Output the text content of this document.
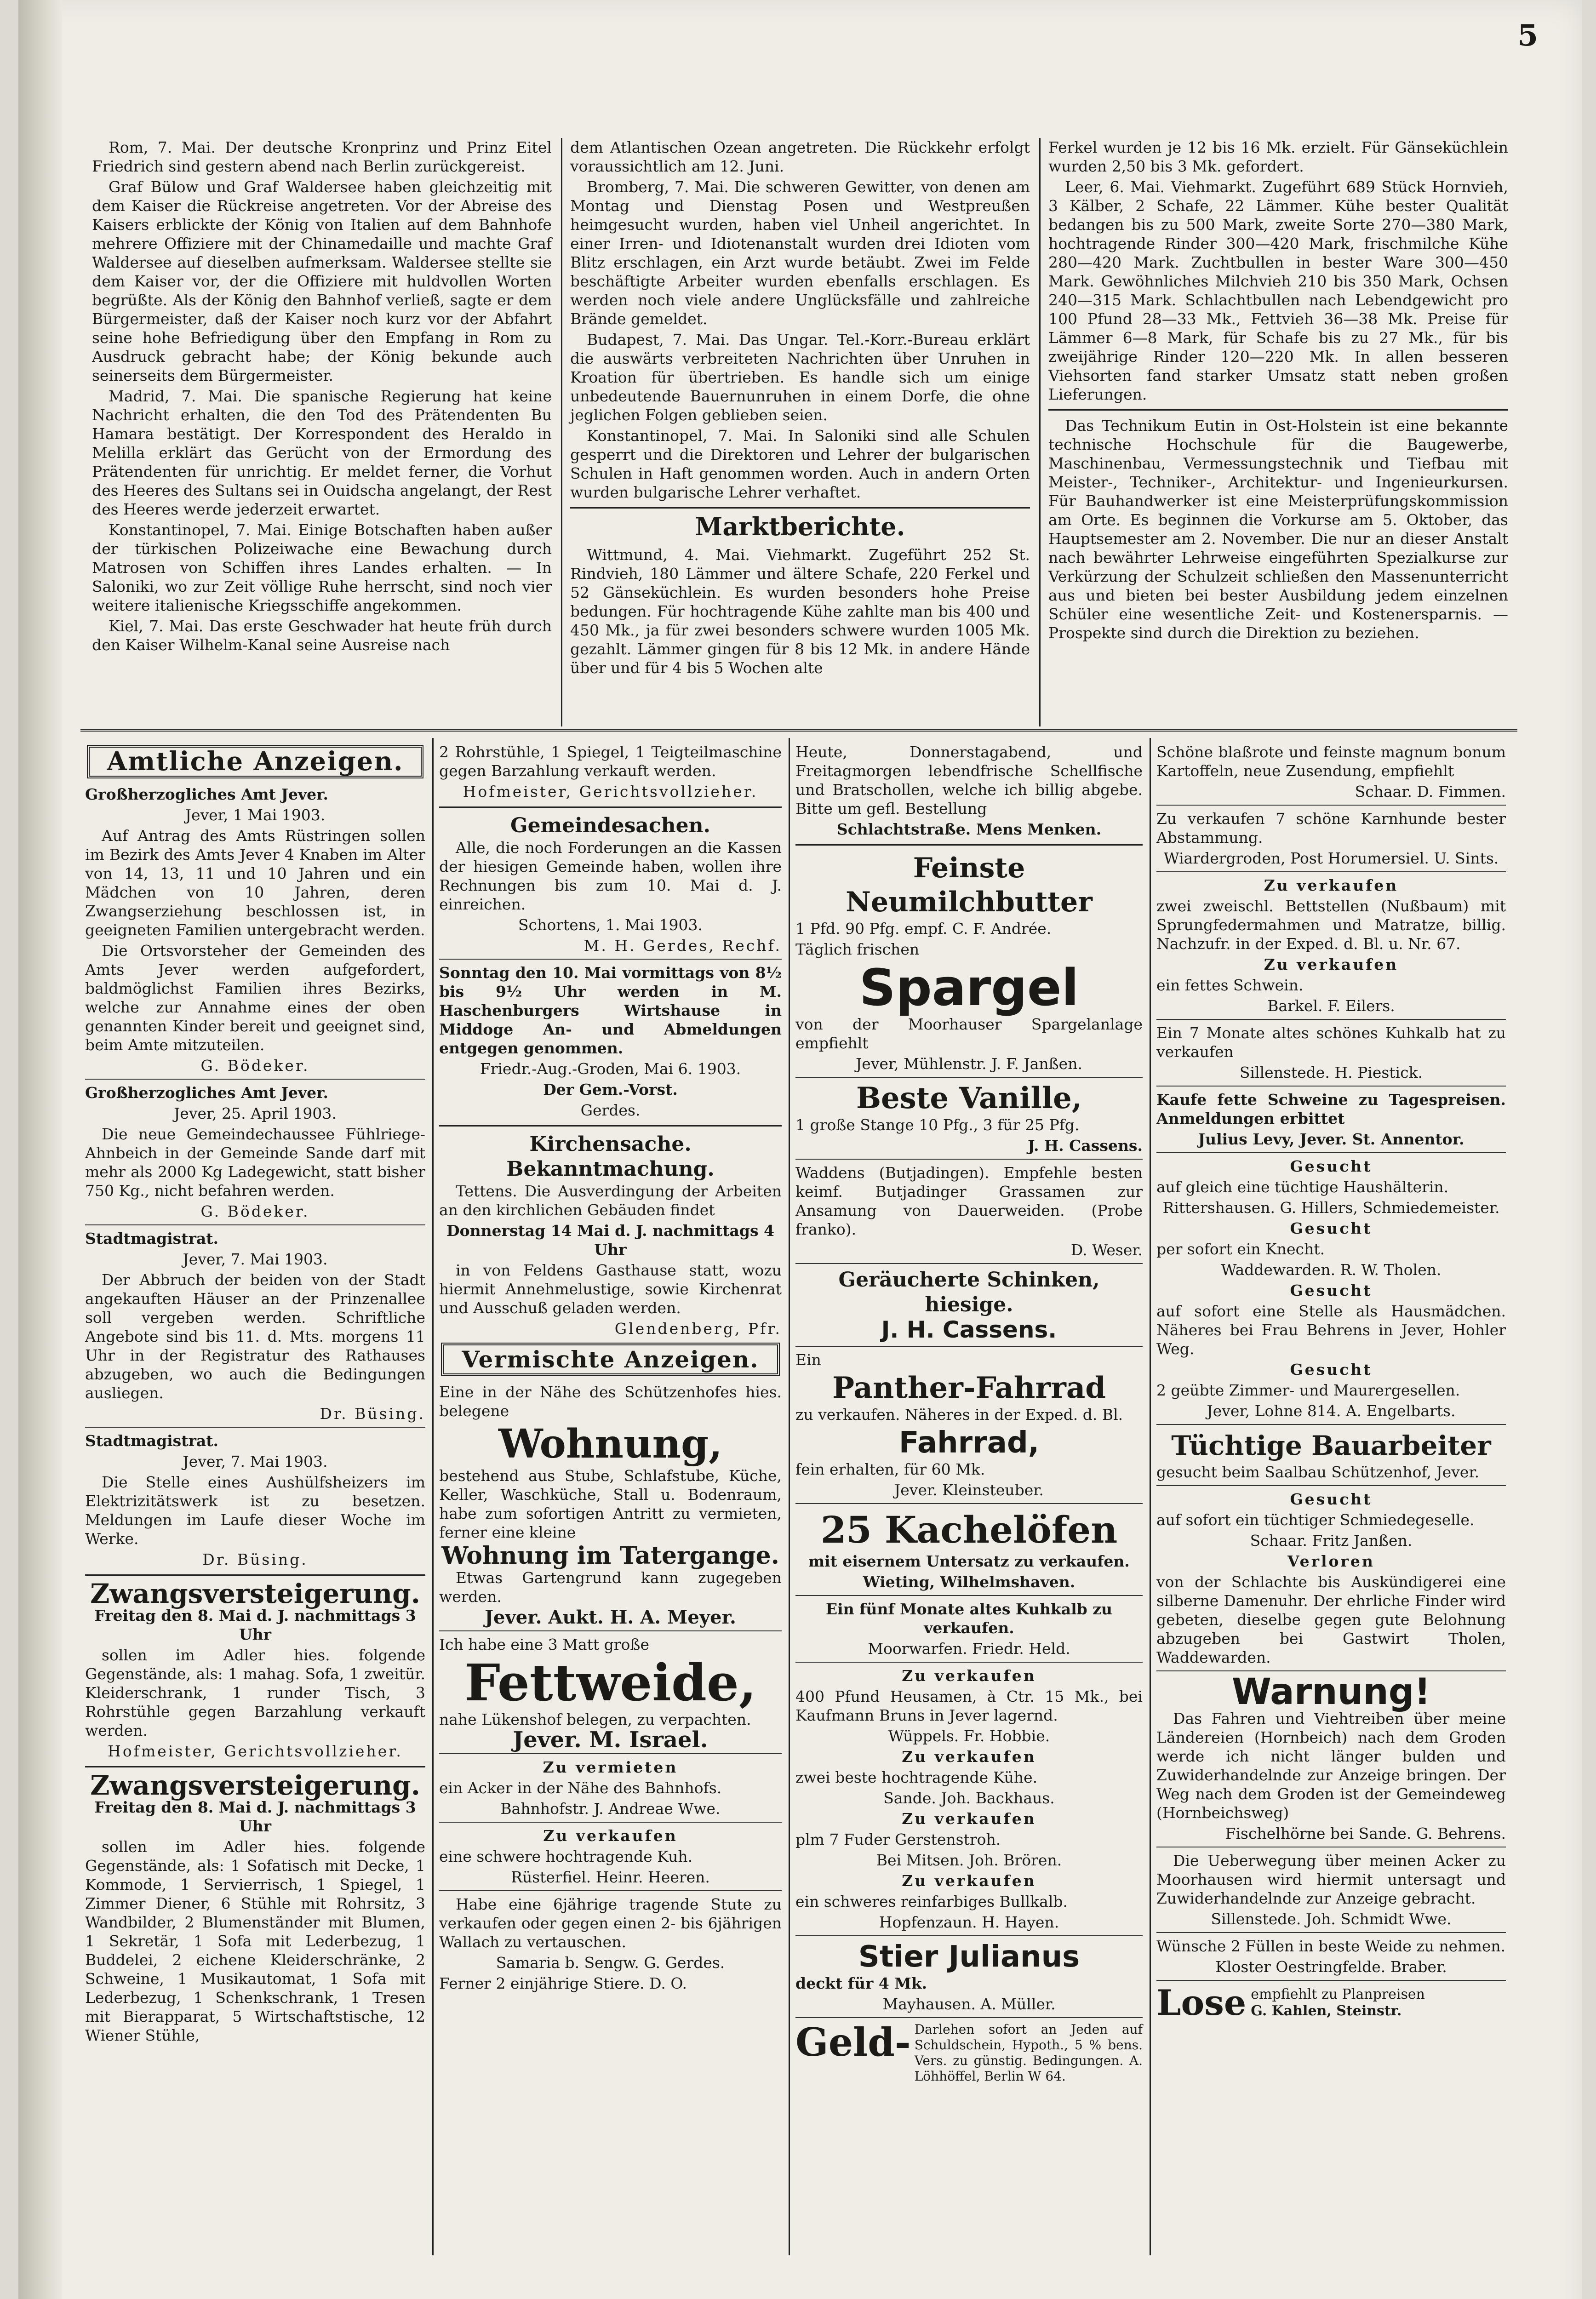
5

Rom, 7. Mai. Der deutsche Kronprinz und Prinz Eitel Friedrich sind gestern abend nach Berlin zurückgereist.

Graf Bülow und Graf Waldersee haben gleichzeitig mit dem Kaiser die Rückreise angetreten. Vor der Abreise des Kaisers erblickte der König von Italien auf dem Bahnhofe mehrere Offiziere mit der Chinamedaille und machte Graf Waldersee auf dieselben aufmerksam. Waldersee stellte sie dem Kaiser vor, der die Offiziere mit huldvollen Worten begrüßte. Als der König den Bahnhof verließ, sagte er dem Bürgermeister, daß der Kaiser noch kurz vor der Abfahrt seine hohe Befriedigung über den Empfang in Rom zu Ausdruck gebracht habe; der König bekunde auch seinerseits dem Bürgermeister.

Madrid, 7. Mai. Die spanische Regierung hat keine Nachricht erhalten, die den Tod des Prätendenten Bu Hamara bestätigt. Der Korrespondent des Heraldo in Melilla erklärt das Gerücht von der Ermordung des Prätendenten für unrichtig. Er meldet ferner, die Vorhut des Heeres des Sultans sei in Ouidscha angelangt, der Rest des Heeres werde jederzeit erwartet.

Konstantinopel, 7. Mai. Einige Botschaften haben außer der türkischen Polizeiwache eine Bewachung durch Matrosen von Schiffen ihres Landes erhalten. — In Saloniki, wo zur Zeit völlige Ruhe herrscht, sind noch vier weitere italienische Kriegsschiffe angekommen.

Kiel, 7. Mai. Das erste Geschwader hat heute früh durch den Kaiser Wilhelm-Kanal seine Ausreise nach

dem Atlantischen Ozean angetreten. Die Rückkehr erfolgt voraussichtlich am 12. Juni.

Bromberg, 7. Mai. Die schweren Gewitter, von denen am Montag und Dienstag Posen und Westpreußen heimgesucht wurden, haben viel Unheil angerichtet. In einer Irren- und Idiotenanstalt wurden drei Idioten vom Blitz erschlagen, ein Arzt wurde betäubt. Zwei im Felde beschäftigte Arbeiter wurden ebenfalls erschlagen. Es werden noch viele andere Unglücksfälle und zahlreiche Brände gemeldet.

Budapest, 7. Mai. Das Ungar. Tel.-Korr.-Bureau erklärt die auswärts verbreiteten Nachrichten über Unruhen in Kroation für übertrieben. Es handle sich um einige unbedeutende Bauernunruhen in einem Dorfe, die ohne jeglichen Folgen geblieben seien.

Konstantinopel, 7. Mai. In Saloniki sind alle Schulen gesperrt und die Direktoren und Lehrer der bulgarischen Schulen in Haft genommen worden. Auch in andern Orten wurden bulgarische Lehrer verhaftet.

Marktberichte.

Wittmund, 4. Mai. Viehmarkt. Zugeführt 252 St. Rindvieh, 180 Lämmer und ältere Schafe, 220 Ferkel und 52 Gänseküchlein. Es wurden besonders hohe Preise bedungen. Für hochtragende Kühe zahlte man bis 400 und 450 Mk., ja für zwei besonders schwere wurden 1005 Mk. gezahlt. Lämmer gingen für 8 bis 12 Mk. in andere Hände über und für 4 bis 5 Wochen alte

Ferkel wurden je 12 bis 16 Mk. erzielt. Für Gänseküchlein wurden 2,50 bis 3 Mk. gefordert.

Leer, 6. Mai. Viehmarkt. Zugeführt 689 Stück Hornvieh, 3 Kälber, 2 Schafe, 22 Lämmer. Kühe bester Qualität bedangen bis zu 500 Mark, zweite Sorte 270—380 Mark, hochtragende Rinder 300—420 Mark, frischmilche Kühe 280—420 Mark. Zuchtbullen in bester Ware 300—450 Mark. Gewöhnliches Milchvieh 210 bis 350 Mark, Ochsen 240—315 Mark. Schlachtbullen nach Lebendgewicht pro 100 Pfund 28—33 Mk., Fettvieh 36—38 Mk. Preise für Lämmer 6—8 Mark, für Schafe bis zu 27 Mk., für bis zweijährige Rinder 120—220 Mk. In allen besseren Viehsorten fand starker Umsatz statt neben großen Lieferungen.

Das Technikum Eutin in Ost-Holstein ist eine bekannte technische Hochschule für die Baugewerbe, Maschinenbau, Vermessungstechnik und Tiefbau mit Meister-, Techniker-, Architektur- und Ingenieurkursen. Für Bauhandwerker ist eine Meisterprüfungskommission am Orte. Es beginnen die Vorkurse am 5. Oktober, das Hauptsemester am 2. November. Die nur an dieser Anstalt nach bewährter Lehrweise eingeführten Spezialkurse zur Verkürzung der Schulzeit schließen den Massenunterricht aus und bieten bei bester Ausbildung jedem einzelnen Schüler eine wesentliche Zeit- und Kostenersparnis. — Prospekte sind durch die Direktion zu beziehen.

Amtliche Anzeigen.

Großherzogliches Amt Jever.

Jever, 1 Mai 1903.

Auf Antrag des Amts Rüstringen sollen im Bezirk des Amts Jever 4 Knaben im Alter von 14, 13, 11 und 10 Jahren und ein Mädchen von 10 Jahren, deren Zwangserziehung beschlossen ist, in geeigneten Familien untergebracht werden.

Die Ortsvorsteher der Gemeinden des Amts Jever werden aufgefordert, baldmöglichst Familien ihres Bezirks, welche zur Annahme eines der oben genannten Kinder bereit und geeignet sind, beim Amte mitzuteilen.

G. Bödeker.

Großherzogliches Amt Jever.

Jever, 25. April 1903.

Die neue Gemeindechaussee Fühlriege-Ahnbeich in der Gemeinde Sande darf mit mehr als 2000 Kg Ladegewicht, statt bisher 750 Kg., nicht befahren werden.

G. Bödeker.

Stadtmagistrat.

Jever, 7. Mai 1903.

Der Abbruch der beiden von der Stadt angekauften Häuser an der Prinzenallee soll vergeben werden. Schriftliche Angebote sind bis 11. d. Mts. morgens 11 Uhr in der Registratur des Rathauses abzugeben, wo auch die Bedingungen ausliegen.

Dr. Büsing.

Stadtmagistrat.

Jever, 7. Mai 1903.

Die Stelle eines Aushülfsheizers im Elektrizitätswerk ist zu besetzen. Meldungen im Laufe dieser Woche im Werke.

Dr. Büsing.

Zwangsversteigerung.

Freitag den 8. Mai d. J. nachmittags 3 Uhr

sollen im Adler hies. folgende Gegenstände, als: 1 mahag. Sofa, 1 zweitür. Kleiderschrank, 1 runder Tisch, 3 Rohrstühle gegen Barzahlung verkauft werden.

Hofmeister, Gerichtsvollzieher.

Zwangsversteigerung.

Freitag den 8. Mai d. J. nachmittags 3 Uhr

sollen im Adler hies. folgende Gegenstände, als: 1 Sofatisch mit Decke, 1 Kommode, 1 Servierrisch, 1 Spiegel, 1 Zimmer Diener, 6 Stühle mit Rohrsitz, 3 Wandbilder, 2 Blumenständer mit Blumen, 1 Sekretär, 1 Sofa mit Lederbezug, 1 Buddelei, 2 eichene Kleiderschränke, 2 Schweine, 1 Musikautomat, 1 Sofa mit Lederbezug, 1 Schenkschrank, 1 Tresen mit Bierapparat, 5 Wirtschaftstische, 12 Wiener Stühle,

2 Rohrstühle, 1 Spiegel, 1 Teigteilmaschine gegen Barzahlung verkauft werden.

Hofmeister, Gerichtsvollzieher.

Gemeindesachen.

Alle, die noch Forderungen an die Kassen der hiesigen Gemeinde haben, wollen ihre Rechnungen bis zum 10. Mai d. J. einreichen.

Schortens, 1. Mai 1903.

M. H. Gerdes, Rechf.

Sonntag den 10. Mai vormittags von 8½ bis 9½ Uhr werden in M. Haschenburgers Wirtshause in Middoge An- und Abmeldungen entgegen genommen.

Friedr.-Aug.-Groden, Mai 6. 1903.

Der Gem.-Vorst.

Gerdes.

Kirchensache.
Bekanntmachung.

Tettens. Die Ausverdingung der Arbeiten an den kirchlichen Gebäuden findet

Donnerstag 14 Mai d. J. nachmittags 4 Uhr

in von Feldens Gasthause statt, wozu hiermit Annehmelustige, sowie Kirchenrat und Ausschuß geladen werden.

Glendenberg, Pfr.

Vermischte Anzeigen.

Eine in der Nähe des Schützenhofes hies. belegene

Wohnung,

bestehend aus Stube, Schlafstube, Küche, Keller, Waschküche, Stall u. Bodenraum, habe zum sofortigen Antritt zu vermieten, ferner eine kleine

Wohnung im Tatergange.

Etwas Gartengrund kann zugegeben werden.

Jever. Aukt. H. A. Meyer.

Ich habe eine 3 Matt große

Fettweide,

nahe Lükenshof belegen, zu verpachten.

Jever. M. Israel.

Zu vermieten

ein Acker in der Nähe des Bahnhofs.

Bahnhofstr. J. Andreae Wwe.

Zu verkaufen

eine schwere hochtragende Kuh.

Rüsterfiel. Heinr. Heeren.

Habe eine 6jährige tragende Stute zu verkaufen oder gegen einen 2- bis 6jährigen Wallach zu vertauschen.

Samaria b. Sengw. G. Gerdes.

Ferner 2 einjährige Stiere. D. O.

Heute, Donnerstagabend, und Freitagmorgen lebendfrische Schellfische und Bratschollen, welche ich billig abgebe. Bitte um gefl. Bestellung

Schlachtstraße. Mens Menken.

Feinste Neumilchbutter

1 Pfd. 90 Pfg. empf. C. F. Andrée.

Täglich frischen

Spargel

von der Moorhauser Spargelanlage empfiehlt

Jever, Mühlenstr. J. F. Janßen.

Beste Vanille,

1 große Stange 10 Pfg., 3 für 25 Pfg.

J. H. Cassens.

Waddens (Butjadingen). Empfehle besten keimf. Butjadinger Grassamen zur Ansamung von Dauerweiden. (Probe franko).

D. Weser.

Geräucherte Schinken, hiesige.
J. H. Cassens.

Ein

Panther-Fahrrad

zu verkaufen. Näheres in der Exped. d. Bl.

Fahrrad,

fein erhalten, für 60 Mk.

Jever. Kleinsteuber.

25 Kachelöfen

mit eisernem Untersatz zu verkaufen.

Wieting, Wilhelmshaven.

Ein fünf Monate altes Kuhkalb zu verkaufen.

Moorwarfen. Friedr. Held.

Zu verkaufen

400 Pfund Heusamen, à Ctr. 15 Mk., bei Kaufmann Bruns in Jever lagernd.

Wüppels. Fr. Hobbie.

Zu verkaufen

zwei beste hochtragende Kühe.

Sande. Joh. Backhaus.

Zu verkaufen

plm 7 Fuder Gerstenstroh.

Bei Mitsen. Joh. Brören.

Zu verkaufen

ein schweres reinfarbiges Bullkalb.

Hopfenzaun. H. Hayen.

Stier Julianus

deckt für 4 Mk.

Mayhausen. A. Müller.

Geld- Darlehen sofort an Jeden auf Schuldschein, Hypoth., 5 % bens. Vers. zu günstig. Bedingungen. A. Löhhöffel, Berlin W 64.

Schöne blaßrote und feinste magnum bonum Kartoffeln, neue Zusendung, empfiehlt

Schaar. D. Fimmen.

Zu verkaufen 7 schöne Karnhunde bester Abstammung.

Wiardergroden, Post Horumersiel. U. Sints.

Zu verkaufen

zwei zweischl. Bettstellen (Nußbaum) mit Sprungfedermahmen und Matratze, billig. Nachzufr. in der Exped. d. Bl. u. Nr. 67.

Zu verkaufen

ein fettes Schwein.

Barkel. F. Eilers.

Ein 7 Monate altes schönes Kuhkalb hat zu verkaufen

Sillenstede. H. Piestick.

Kaufe fette Schweine zu Tagespreisen. Anmeldungen erbittet

Julius Levy, Jever. St. Annentor.

Gesucht

auf gleich eine tüchtige Haushälterin.

Rittershausen. G. Hillers, Schmiedemeister.

Gesucht

per sofort ein Knecht.

Waddewarden. R. W. Tholen.

Gesucht

auf sofort eine Stelle als Hausmädchen. Näheres bei Frau Behrens in Jever, Hohler Weg.

Gesucht

2 geübte Zimmer- und Maurergesellen.

Jever, Lohne 814. A. Engelbarts.

Tüchtige Bauarbeiter

gesucht beim Saalbau Schützenhof, Jever.

Gesucht

auf sofort ein tüchtiger Schmiedegeselle.

Schaar. Fritz Janßen.

Verloren

von der Schlachte bis Auskündigerei eine silberne Damenuhr. Der ehrliche Finder wird gebeten, dieselbe gegen gute Belohnung abzugeben bei Gastwirt Tholen, Waddewarden.

Warnung!

Das Fahren und Viehtreiben über meine Ländereien (Hornbeich) nach dem Groden werde ich nicht länger bulden und Zuwiderhandelnde zur Anzeige bringen. Der Weg nach dem Groden ist der Gemeindeweg (Hornbeichsweg)

Fischelhörne bei Sande. G. Behrens.

Die Ueberwegung über meinen Acker zu Moorhausen wird hiermit untersagt und Zuwiderhandelnde zur Anzeige gebracht.

Sillenstede. Joh. Schmidt Wwe.

Wünsche 2 Füllen in beste Weide zu nehmen.

Kloster Oestringfelde. Braber.

Lose empfiehlt zu Planpreisen
G. Kahlen, Steinstr.
